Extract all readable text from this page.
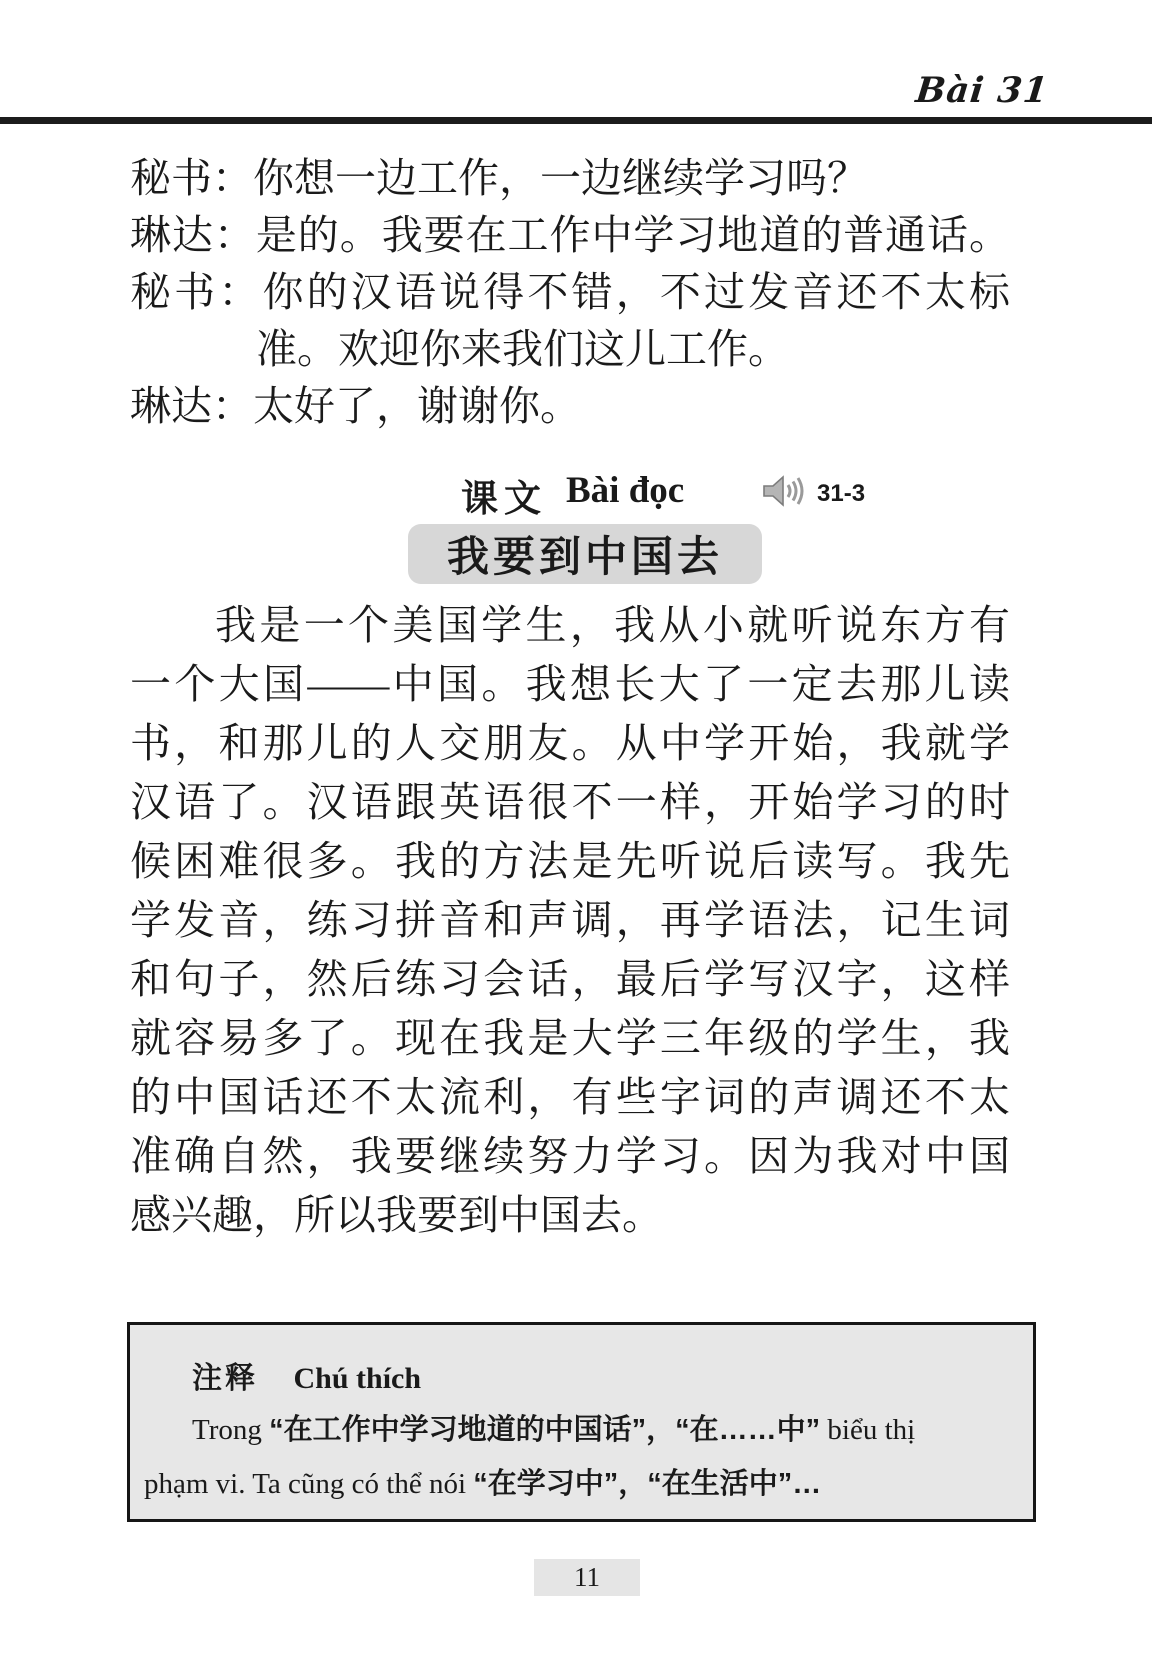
Bài 31
秘书：你想一边工作，一边继续学习吗？
琳达：是的。我要在工作中学习地道的普通话。
秘书：你的汉语说得不错，不过发音还不太标
准。欢迎你来我们这儿工作。
琳达：太好了，谢谢你。
课文 Bài đọc	31-3
我要到中国去
我是一个美国学生，我从小就听说东方有
一个大国——中国。我想长大了一定去那儿读
书，和那儿的人交朋友。从中学开始，我就学
汉语了。汉语跟英语很不一样，开始学习的时
候困难很多。我的方法是先听说后读写。我先
学发音，练习拼音和声调，再学语法，记生词
和句子，然后练习会话，最后学写汉字，这样
就容易多了。现在我是大学三年级的学生，我
的中国话还不太流利，有些字词的声调还不太
准确自然，我要继续努力学习。因为我对中国
感兴趣，所以我要到中国去。
注释 Chú thích
Trong “在工作中学习地道的中国话”，“在……中” biểu thị
phạm vi. Ta cũng có thể nói “在学习中”，“在生活中”…
11
